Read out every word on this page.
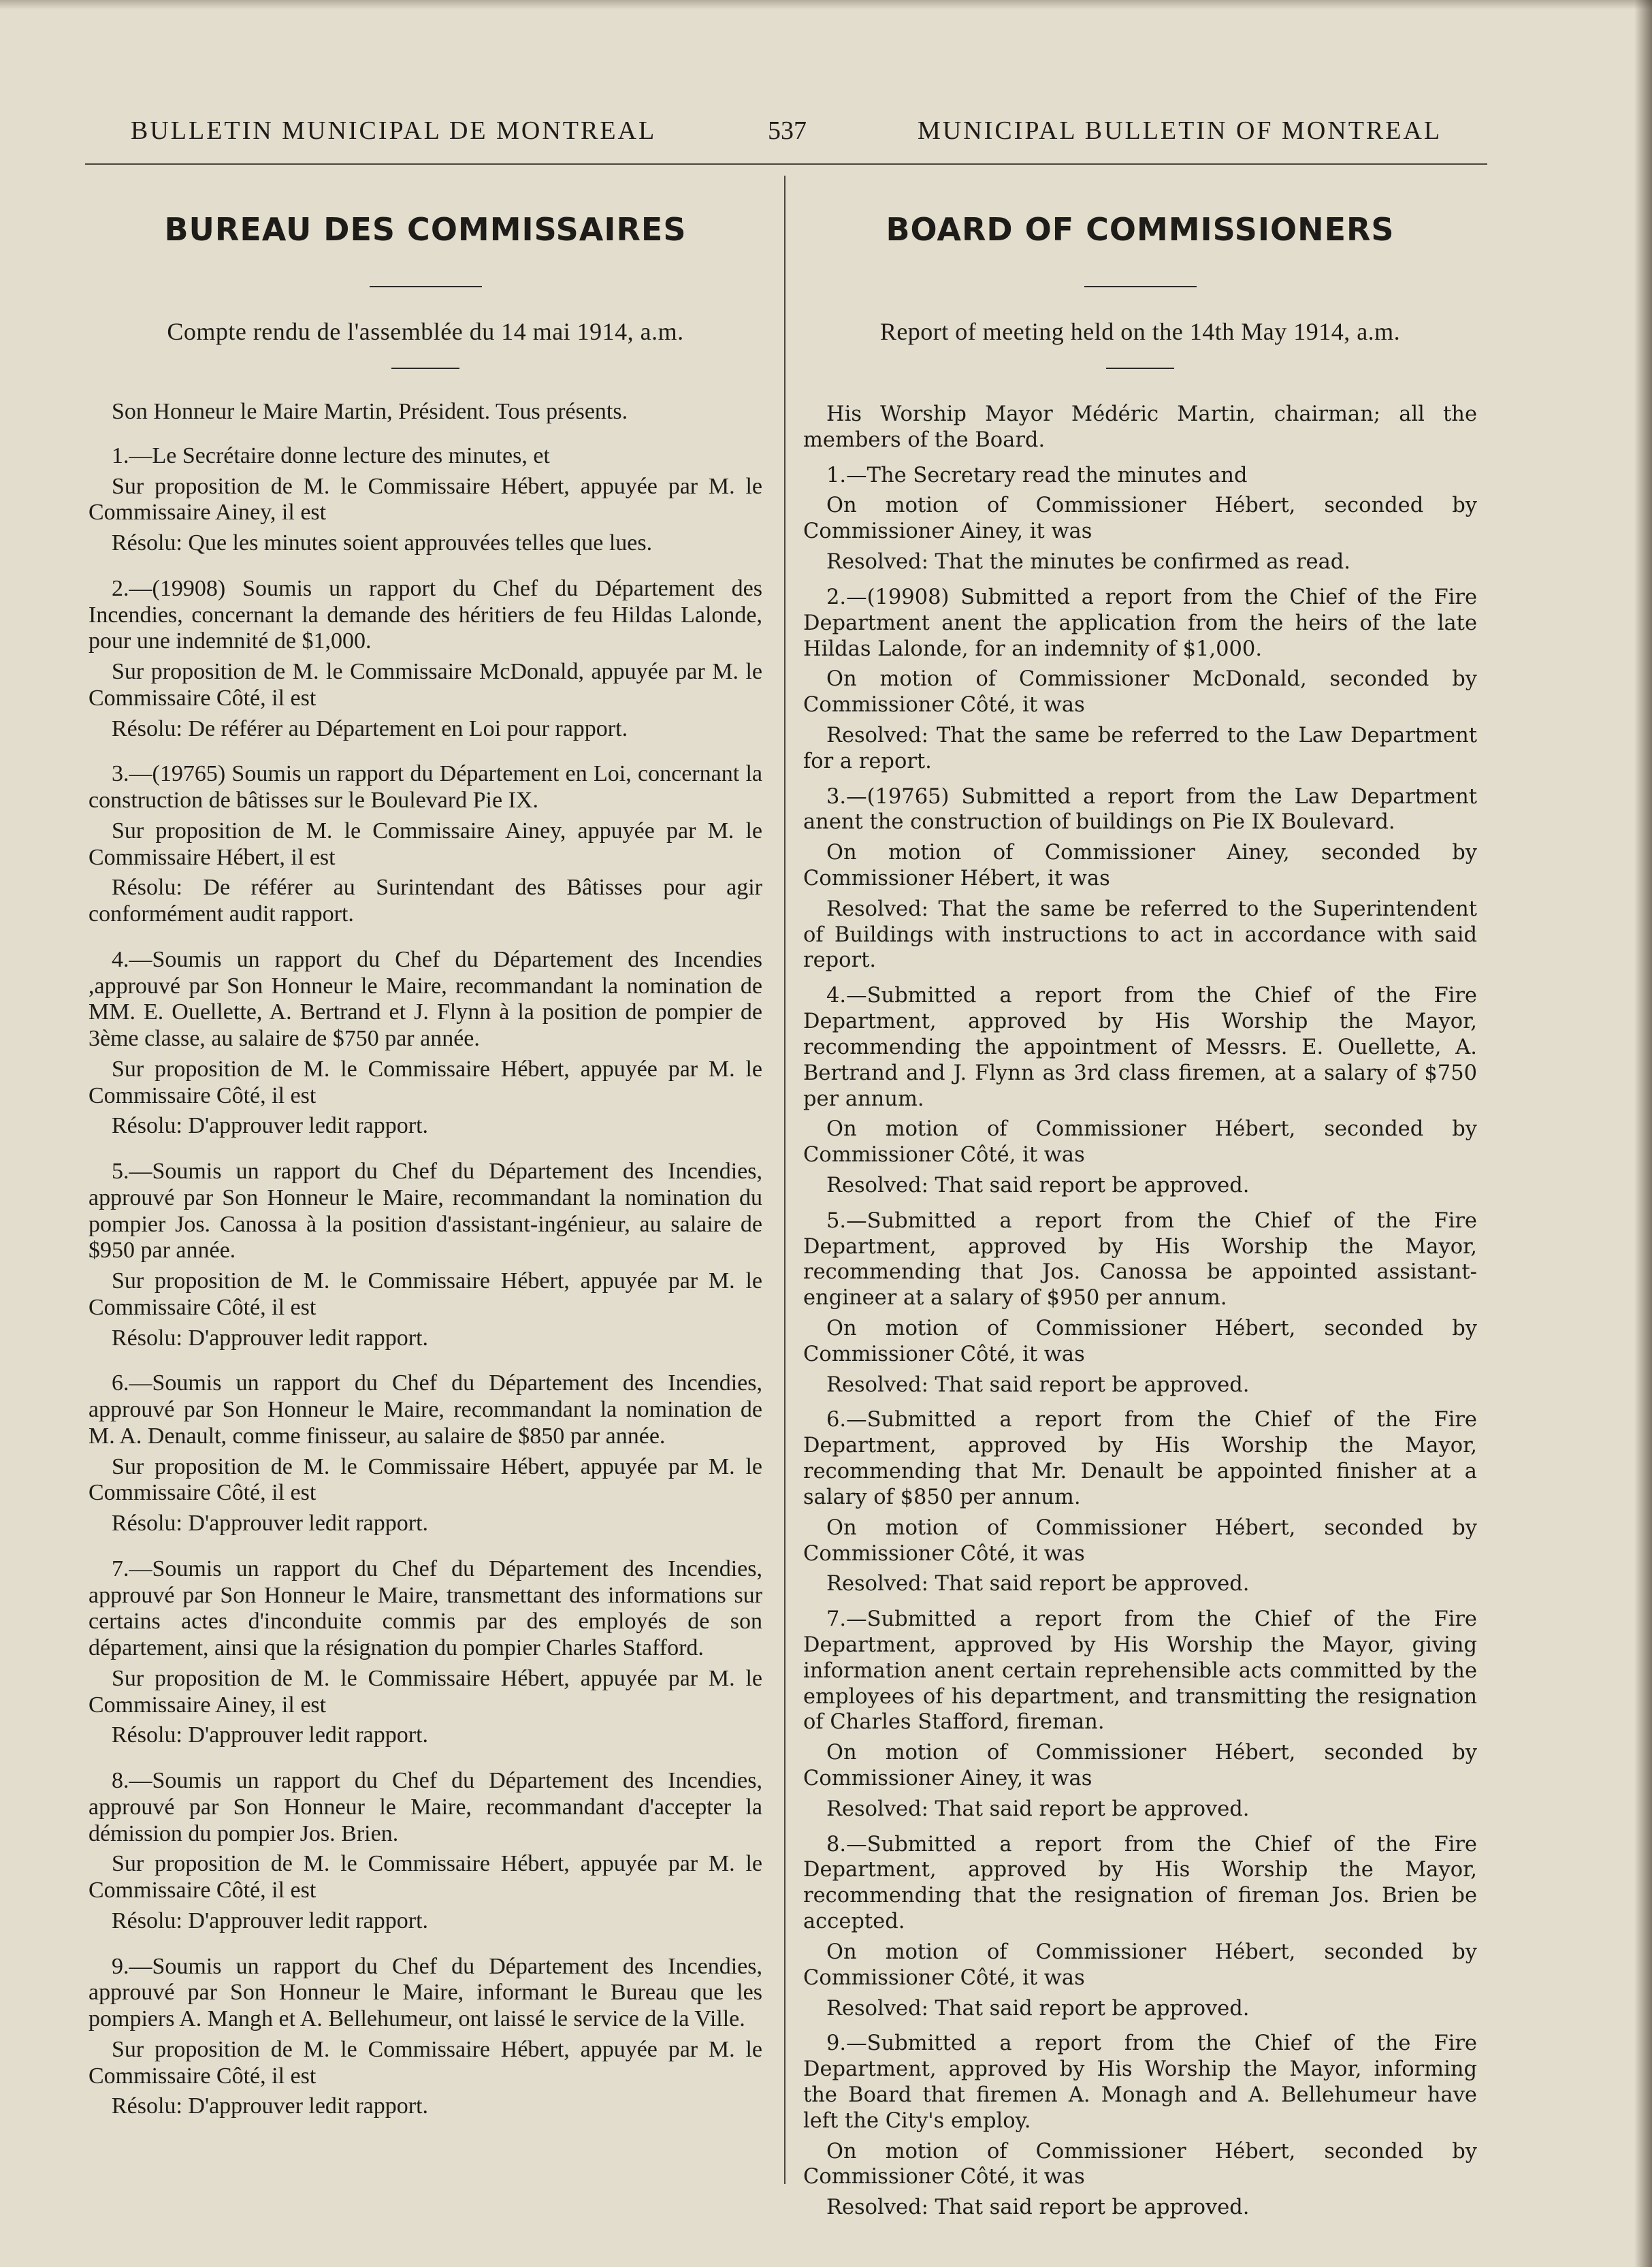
BULLETIN MUNICIPAL DE MONTREAL	537	MUNICIPAL BULLETIN OF MONTREAL
BUREAU DES COMMISSAIRES
Compte rendu de l'assemblée du 14 mai 1914, a.m.

Son Honneur le Maire Martin, Président. Tous présents.

1.—Le Secrétaire donne lecture des minutes, et

Sur proposition de M. le Commissaire Hébert, appuyée par M. le Commissaire Ainey, il est

Résolu: Que les minutes soient approuvées telles que lues.

2.—(19908) Soumis un rapport du Chef du Département des Incendies, concernant la demande des héritiers de feu Hildas Lalonde, pour une indemnité de $1,000.

Sur proposition de M. le Commissaire McDonald, appuyée par M. le Commissaire Côté, il est

Résolu: De référer au Département en Loi pour rapport.

3.—(19765) Soumis un rapport du Département en Loi, concernant la construction de bâtisses sur le Boulevard Pie IX.

Sur proposition de M. le Commissaire Ainey, appuyée par M. le Commissaire Hébert, il est

Résolu: De référer au Surintendant des Bâtisses pour agir conformément audit rapport.

4.—Soumis un rapport du Chef du Département des Incendies ,approuvé par Son Honneur le Maire, recommandant la nomination de MM. E. Ouellette, A. Bertrand et J. Flynn à la position de pompier de 3ème classe, au salaire de $750 par année.

Sur proposition de M. le Commissaire Hébert, appuyée par M. le Commissaire Côté, il est

Résolu: D'approuver ledit rapport.

5.—Soumis un rapport du Chef du Département des Incendies, approuvé par Son Honneur le Maire, recommandant la nomination du pompier Jos. Canossa à la position d'assistant-ingénieur, au salaire de $950 par année.

Sur proposition de M. le Commissaire Hébert, appuyée par M. le Commissaire Côté, il est

Résolu: D'approuver ledit rapport.

6.—Soumis un rapport du Chef du Département des Incendies, approuvé par Son Honneur le Maire, recommandant la nomination de M. A. Denault, comme finisseur, au salaire de $850 par année.

Sur proposition de M. le Commissaire Hébert, appuyée par M. le Commissaire Côté, il est

Résolu: D'approuver ledit rapport.

7.—Soumis un rapport du Chef du Département des Incendies, approuvé par Son Honneur le Maire, transmettant des informations sur certains actes d'inconduite commis par des employés de son département, ainsi que la résignation du pompier Charles Stafford.

Sur proposition de M. le Commissaire Hébert, appuyée par M. le Commissaire Ainey, il est

Résolu: D'approuver ledit rapport.

8.—Soumis un rapport du Chef du Département des Incendies, approuvé par Son Honneur le Maire, recommandant d'accepter la démission du pompier Jos. Brien.

Sur proposition de M. le Commissaire Hébert, appuyée par M. le Commissaire Côté, il est

Résolu: D'approuver ledit rapport.

9.—Soumis un rapport du Chef du Département des Incendies, approuvé par Son Honneur le Maire, informant le Bureau que les pompiers A. Mangh et A. Bellehumeur, ont laissé le service de la Ville.

Sur proposition de M. le Commissaire Hébert, appuyée par M. le Commissaire Côté, il est

Résolu: D'approuver ledit rapport.

BOARD OF COMMISSIONERS
Report of meeting held on the 14th May 1914, a.m.

His Worship Mayor Médéric Martin, chairman; all the members of the Board.

1.—The Secretary read the minutes and

On motion of Commissioner Hébert, seconded by Commissioner Ainey, it was

Resolved: That the minutes be confirmed as read.

2.—(19908) Submitted a report from the Chief of the Fire Department anent the application from the heirs of the late Hildas Lalonde, for an indemnity of $1,000.

On motion of Commissioner McDonald, seconded by Commissioner Côté, it was

Resolved: That the same be referred to the Law Department for a report.

3.—(19765) Submitted a report from the Law Department anent the construction of buildings on Pie IX Boulevard.

On motion of Commissioner Ainey, seconded by Commissioner Hébert, it was

Resolved: That the same be referred to the Superintendent of Buildings with instructions to act in accordance with said report.

4.—Submitted a report from the Chief of the Fire Department, approved by His Worship the Mayor, recommending the appointment of Messrs. E. Ouellette, A. Bertrand and J. Flynn as 3rd class firemen, at a salary of $750 per annum.

On motion of Commissioner Hébert, seconded by Commissioner Côté, it was

Resolved: That said report be approved.

5.—Submitted a report from the Chief of the Fire Department, approved by His Worship the Mayor, recommending that Jos. Canossa be appointed assistant-engineer at a salary of $950 per annum.

On motion of Commissioner Hébert, seconded by Commissioner Côté, it was

Resolved: That said report be approved.

6.—Submitted a report from the Chief of the Fire Department, approved by His Worship the Mayor, recommending that Mr. Denault be appointed finisher at a salary of $850 per annum.

On motion of Commissioner Hébert, seconded by Commissioner Côté, it was

Resolved: That said report be approved.

7.—Submitted a report from the Chief of the Fire Department, approved by His Worship the Mayor, giving information anent certain reprehensible acts committed by the employees of his department, and transmitting the resignation of Charles Stafford, fireman.

On motion of Commissioner Hébert, seconded by Commissioner Ainey, it was

Resolved: That said report be approved.

8.—Submitted a report from the Chief of the Fire Department, approved by His Worship the Mayor, recommending that the resignation of fireman Jos. Brien be accepted.

On motion of Commissioner Hébert, seconded by Commissioner Côté, it was

Resolved: That said report be approved.

9.—Submitted a report from the Chief of the Fire Department, approved by His Worship the Mayor, informing the Board that firemen A. Monagh and A. Bellehumeur have left the City's employ.

On motion of Commissioner Hébert, seconded by Commissioner Côté, it was

Resolved: That said report be approved.
